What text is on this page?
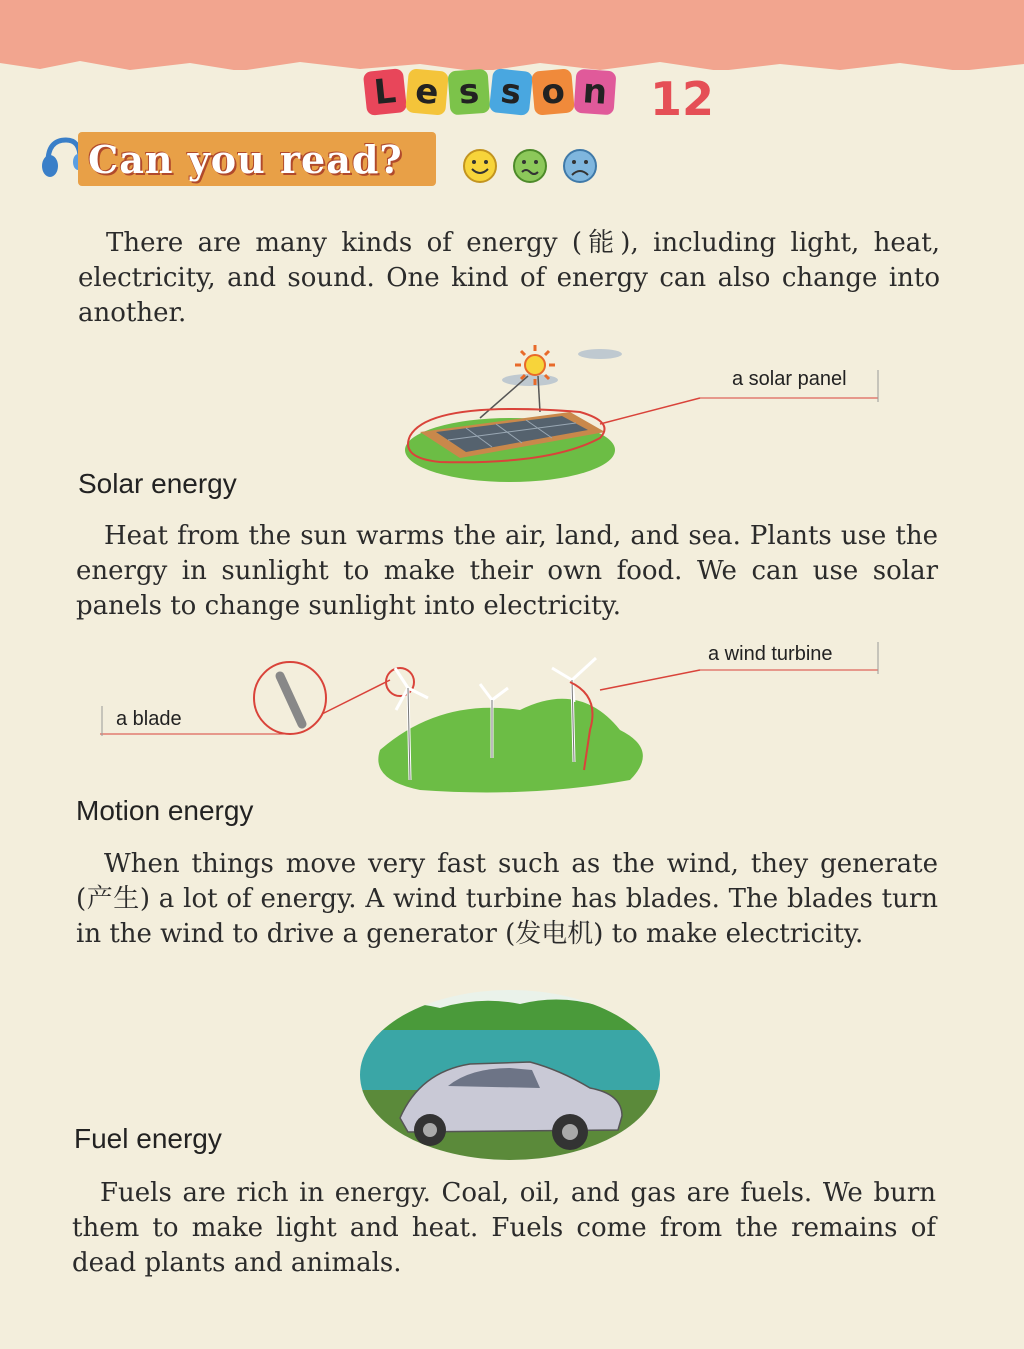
L e s s o n 12
Can you read?

There are many kinds of energy (能), including light, heat, electricity, and sound. One kind of energy can also change into another.

a solar panel
Solar energy

Heat from the sun warms the air, land, and sea. Plants use the energy in sunlight to make their own food. We can use solar panels to change sunlight into electricity.

a blade
a wind turbine
Motion energy

When things move very fast such as the wind, they generate (产生) a lot of energy. A wind turbine has blades. The blades turn in the wind to drive a generator (发电机) to make electricity.

Fuel energy

Fuels are rich in energy. Coal, oil, and gas are fuels. We burn them to make light and heat. Fuels come from the remains of dead plants and animals.
